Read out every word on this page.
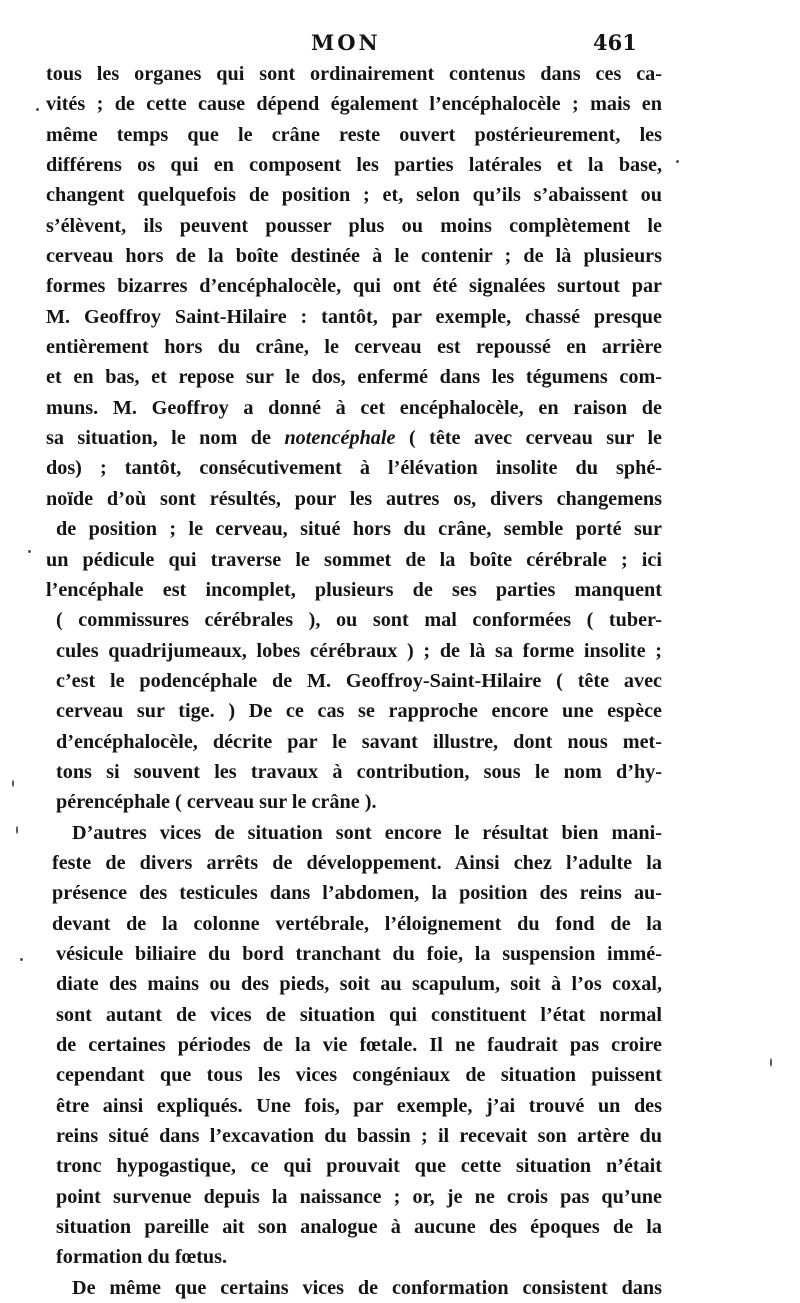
MON	461
tous les organes qui sont ordinairement contenus dans ces ca-
vités ; de cette cause dépend également l’encéphalocèle ; mais en
même temps que le crâne reste ouvert postérieurement, les
différens os qui en composent les parties latérales et la base,
changent quelquefois de position ; et, selon qu’ils s’abaissent ou
s’élèvent, ils peuvent pousser plus ou moins complètement le
cerveau hors de la boîte destinée à le contenir ; de là plusieurs
formes bizarres d’encéphalocèle, qui ont été signalées surtout par
M. Geoffroy Saint-Hilaire : tantôt, par exemple, chassé presque
entièrement hors du crâne, le cerveau est repoussé en arrière
et en bas, et repose sur le dos, enfermé dans les tégumens com-
muns. M. Geoffroy a donné à cet encéphalocèle, en raison de
sa situation, le nom de notencéphale ( tête avec cerveau sur le
dos) ; tantôt, consécutivement à l’élévation insolite du sphé-
noïde d’où sont résultés, pour les autres os, divers changemens
de position ; le cerveau, situé hors du crâne, semble porté sur
un pédicule qui traverse le sommet de la boîte cérébrale ; ici
l’encéphale est incomplet, plusieurs de ses parties manquent
( commissures cérébrales ), ou sont mal conformées ( tuber-
cules quadrijumeaux, lobes cérébraux ) ; de là sa forme insolite ;
c’est le podencéphale de M. Geoffroy-Saint-Hilaire ( tête avec
cerveau sur tige. ) De ce cas se rapproche encore une espèce
d’encéphalocèle, décrite par le savant illustre, dont nous met-
tons si souvent les travaux à contribution, sous le nom d’hy-
pérencéphale ( cerveau sur le crâne ).
D’autres vices de situation sont encore le résultat bien mani-
feste de divers arrêts de développement. Ainsi chez l’adulte la
présence des testicules dans l’abdomen, la position des reins au-
devant de la colonne vertébrale, l’éloignement du fond de la
vésicule biliaire du bord tranchant du foie, la suspension immé-
diate des mains ou des pieds, soit au scapulum, soit à l’os coxal,
sont autant de vices de situation qui constituent l’état normal
de certaines périodes de la vie fœtale. Il ne faudrait pas croire
cependant que tous les vices congéniaux de situation puissent
être ainsi expliqués. Une fois, par exemple, j’ai trouvé un des
reins situé dans l’excavation du bassin ; il recevait son artère du
tronc hypogastique, ce qui prouvait que cette situation n’était
point survenue depuis la naissance ; or, je ne crois pas qu’une
situation pareille ait son analogue à aucune des époques de la
formation du fœtus.
De même que certains vices de conformation consistent dans
